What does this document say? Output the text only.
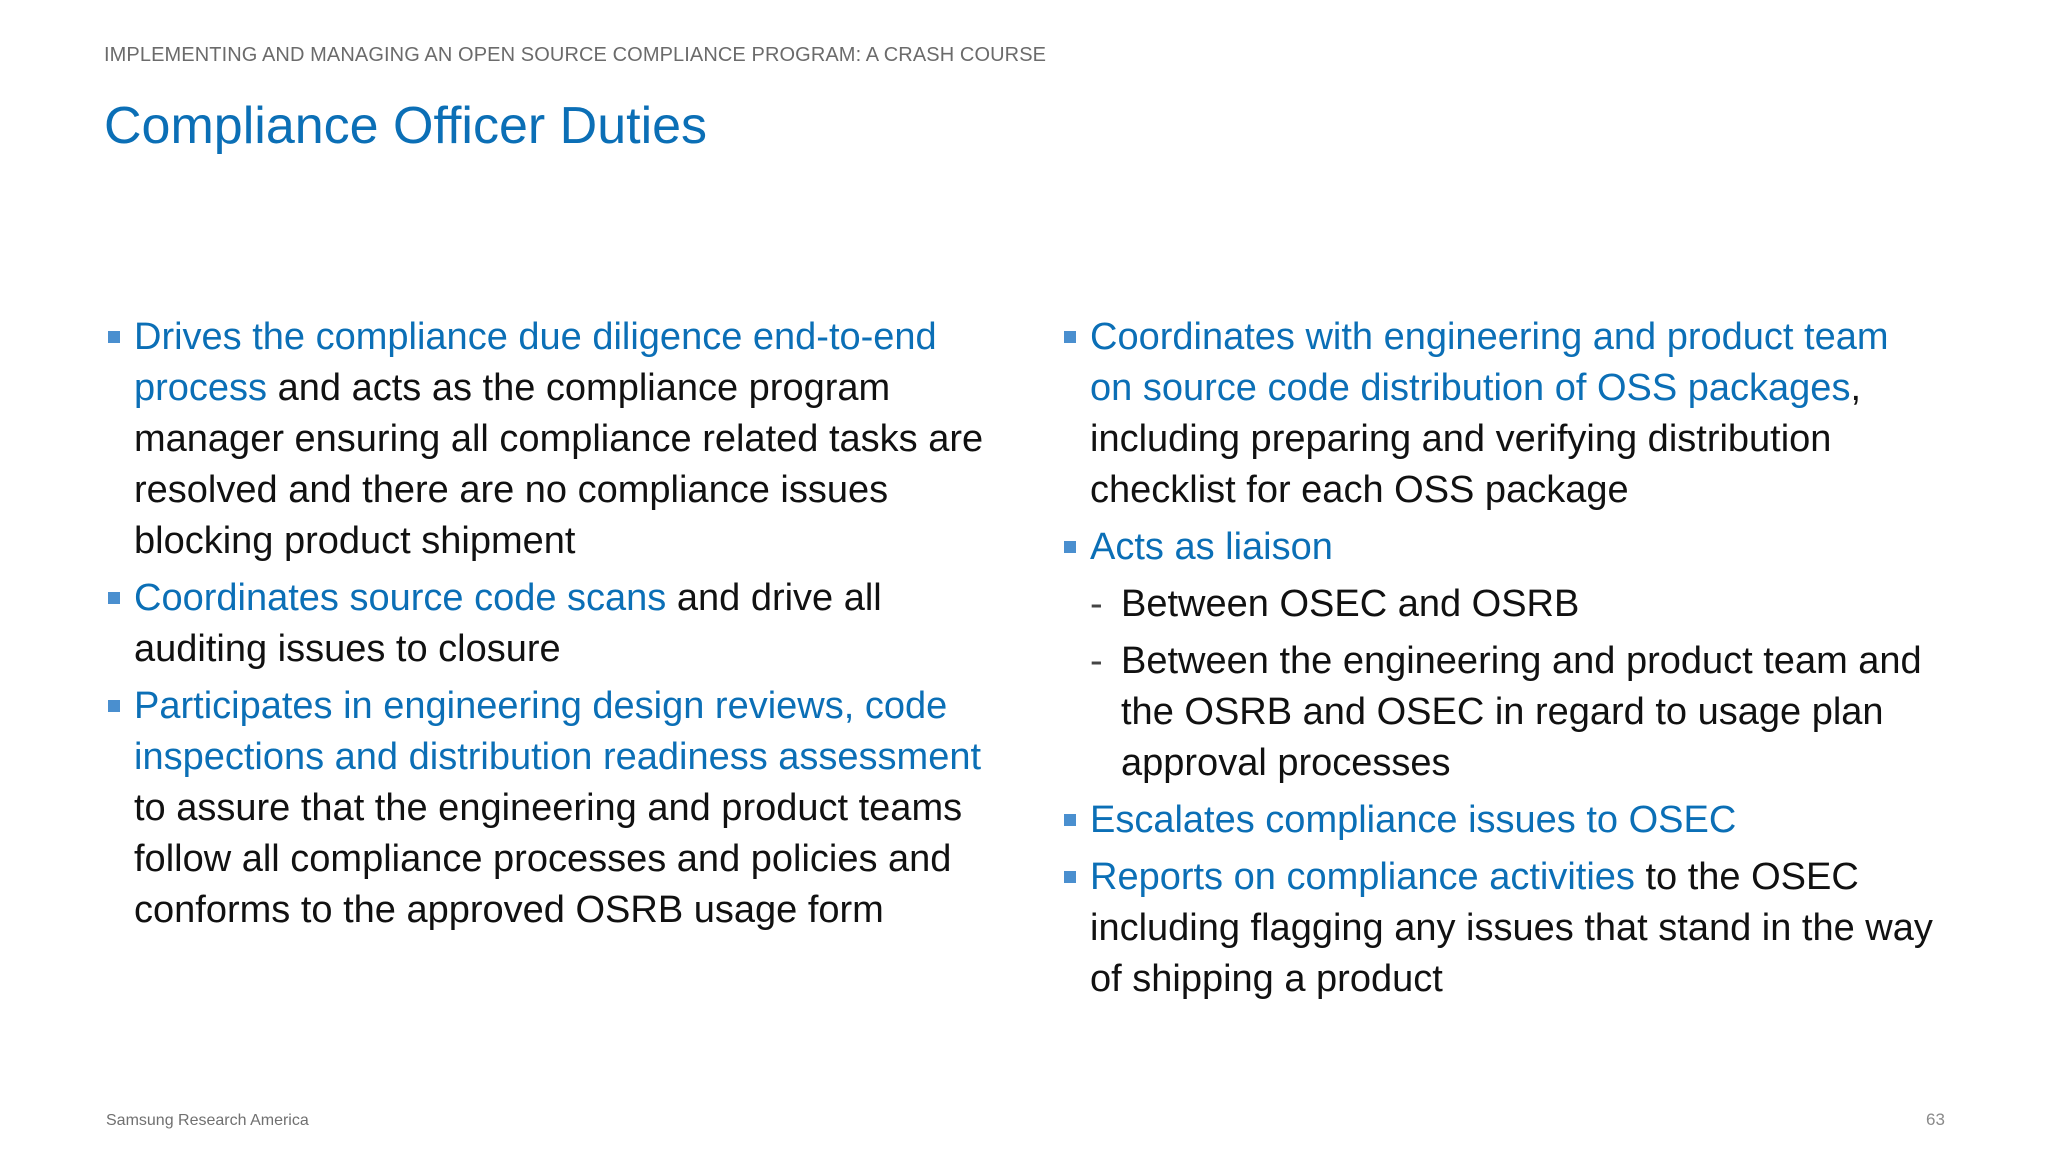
IMPLEMENTING AND MANAGING AN OPEN SOURCE COMPLIANCE PROGRAM: A CRASH COURSE
Compliance Officer Duties
Drives the compliance due diligence end-to-end process and acts as the compliance program manager ensuring all compliance related tasks are resolved and there are no compliance issues blocking product shipment
Coordinates source code scans and drive all auditing issues to closure
Participates in engineering design reviews, code inspections and distribution readiness assessment to assure that the engineering and product teams follow all compliance processes and policies and conforms to the approved OSRB usage form
Coordinates with engineering and product team on source code distribution of OSS packages, including preparing and verifying distribution checklist for each OSS package
Acts as liaison
- Between OSEC and OSRB
- Between the engineering and product team and the OSRB and OSEC in regard to usage plan approval processes
Escalates compliance issues to OSEC
Reports on compliance activities to the OSEC including flagging any issues that stand in the way of shipping a product
Samsung Research America	63
